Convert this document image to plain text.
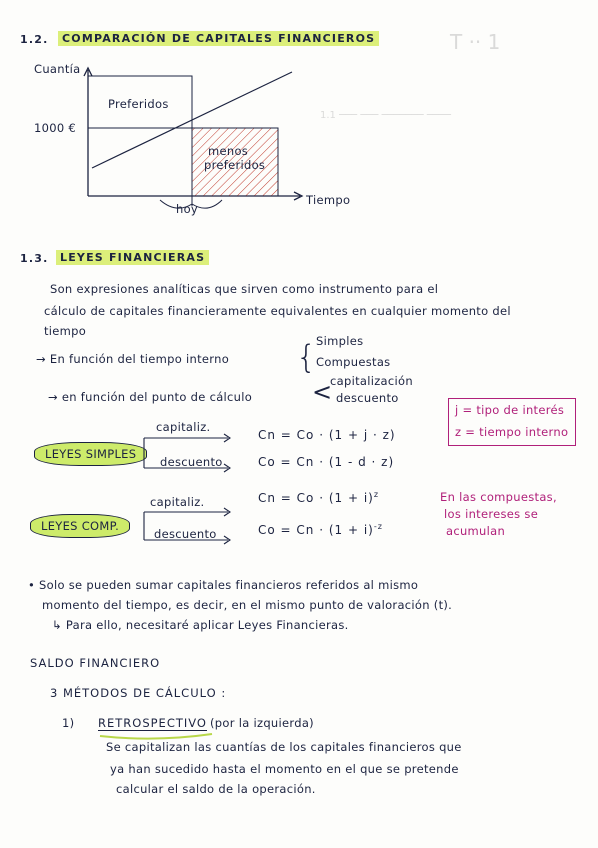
T ·· 1
1.1 ─── ─── ─────── ────
1.2.	COMPARACIÓN DE CAPITALES FINANCIEROS
Cuantía
1000 €
Preferidos
menos
preferidos
hoy
Tiempo
1.3.	LEYES FINANCIERAS
Son expresiones analíticas que sirven como instrumento para el
cálculo de capitales financieramente equivalentes en cualquier momento del
tiempo
→ En función del tiempo interno { Simples
Compuestas
→ en función del punto de cálculo <
capitalización
descuento
j = tipo de interés
z = tiempo interno
LEYES SIMPLES
capitaliz.
descuento
Cn = Co · (1 + j · z)
Co = Cn · (1 - d · z)
LEYES COMP.
capitaliz.
descuento
$Cn = Co \cdot (1 + i)^z$
$Co = Cn \cdot (1 + i)^{-z}$
En las compuestas,
los intereses se
acumulan
• Solo se pueden sumar capitales financieros referidos al mismo
momento del tiempo, es decir, en el mismo punto de valoración (t).
↳ Para ello, necesitaré aplicar Leyes Financieras.
SALDO FINANCIERO
3 MÉTODOS DE CÁLCULO :
1) RETROSPECTIVO (por la izquierda)
Se capitalizan las cuantías de los capitales financieros que
ya han sucedido hasta el momento en el que se pretende
calcular el saldo de la operación.
